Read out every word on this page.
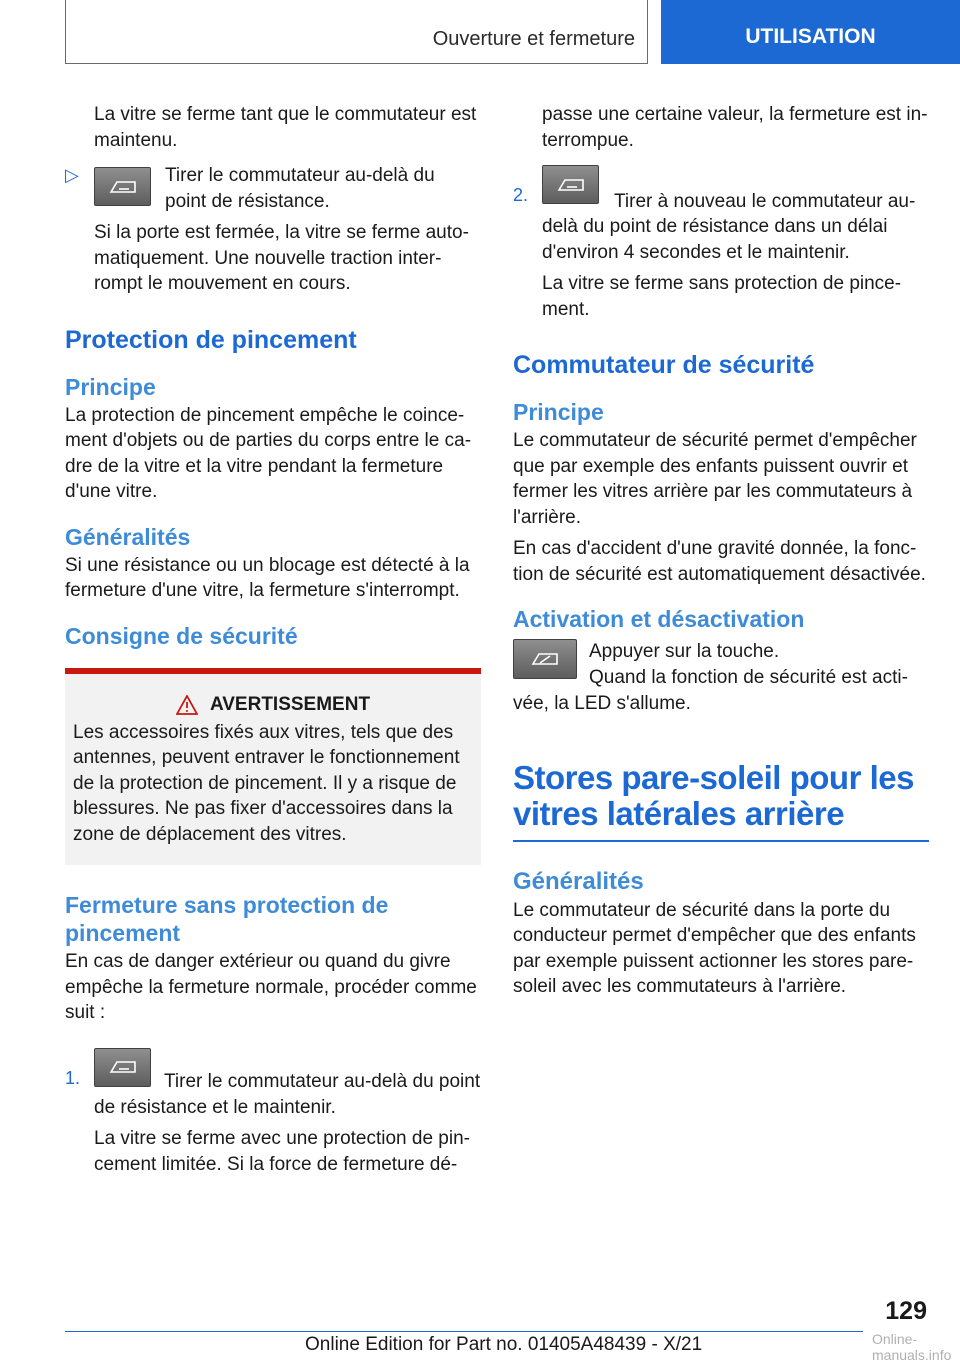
Ouverture et fermeture	UTILISATION

La vitre se ferme tant que le commutateur est maintenu.

▷	Tirer le commutateur au-delà du point de résistance.

Si la porte est fermée, la vitre se ferme automatiquement. Une nouvelle traction interrompt le mouvement en cours.

Protection de pincement
Principe

La protection de pincement empêche le coincement d'objets ou de parties du corps entre le cadre de la vitre et la vitre pendant la fermeture d'une vitre.

Généralités

Si une résistance ou un blocage est détecté à la fermeture d'une vitre, la fermeture s'interrompt.

Consigne de sécurité
AVERTISSEMENT

Les accessoires fixés aux vitres, tels que des antennes, peuvent entraver le fonctionnement de la protection de pincement. Il y a risque de blessures. Ne pas fixer d'accessoires dans la zone de déplacement des vitres.

Fermeture sans protection de pincement

En cas de danger extérieur ou quand du givre empêche la fermeture normale, procéder comme suit :

1.	Tirer le commutateur au-delà du point de résistance et le maintenir.

La vitre se ferme avec une protection de pincement limitée. Si la force de fermeture dé-

passe une certaine valeur, la fermeture est interrompue.

2.	Tirer à nouveau le commutateur au-delà du point de résistance dans un délai d'environ 4 secondes et le maintenir.

La vitre se ferme sans protection de pincement.

Commutateur de sécurité
Principe

Le commutateur de sécurité permet d'empêcher que par exemple des enfants puissent ouvrir et fermer les vitres arrière par les commutateurs à l'arrière.

En cas d'accident d'une gravité donnée, la fonction de sécurité est automatiquement désactivée.

Activation et désactivation

Appuyer sur la touche.

Quand la fonction de sécurité est activée, la LED s'allume.

Stores pare-soleil pour les vitres latérales arrière
Généralités

Le commutateur de sécurité dans la porte du conducteur permet d'empêcher que des enfants par exemple puissent actionner les stores pare-soleil avec les commutateurs à l'arrière.

129
Online Edition for Part no. 01405A48439 - X/21	Online-manuals.info
